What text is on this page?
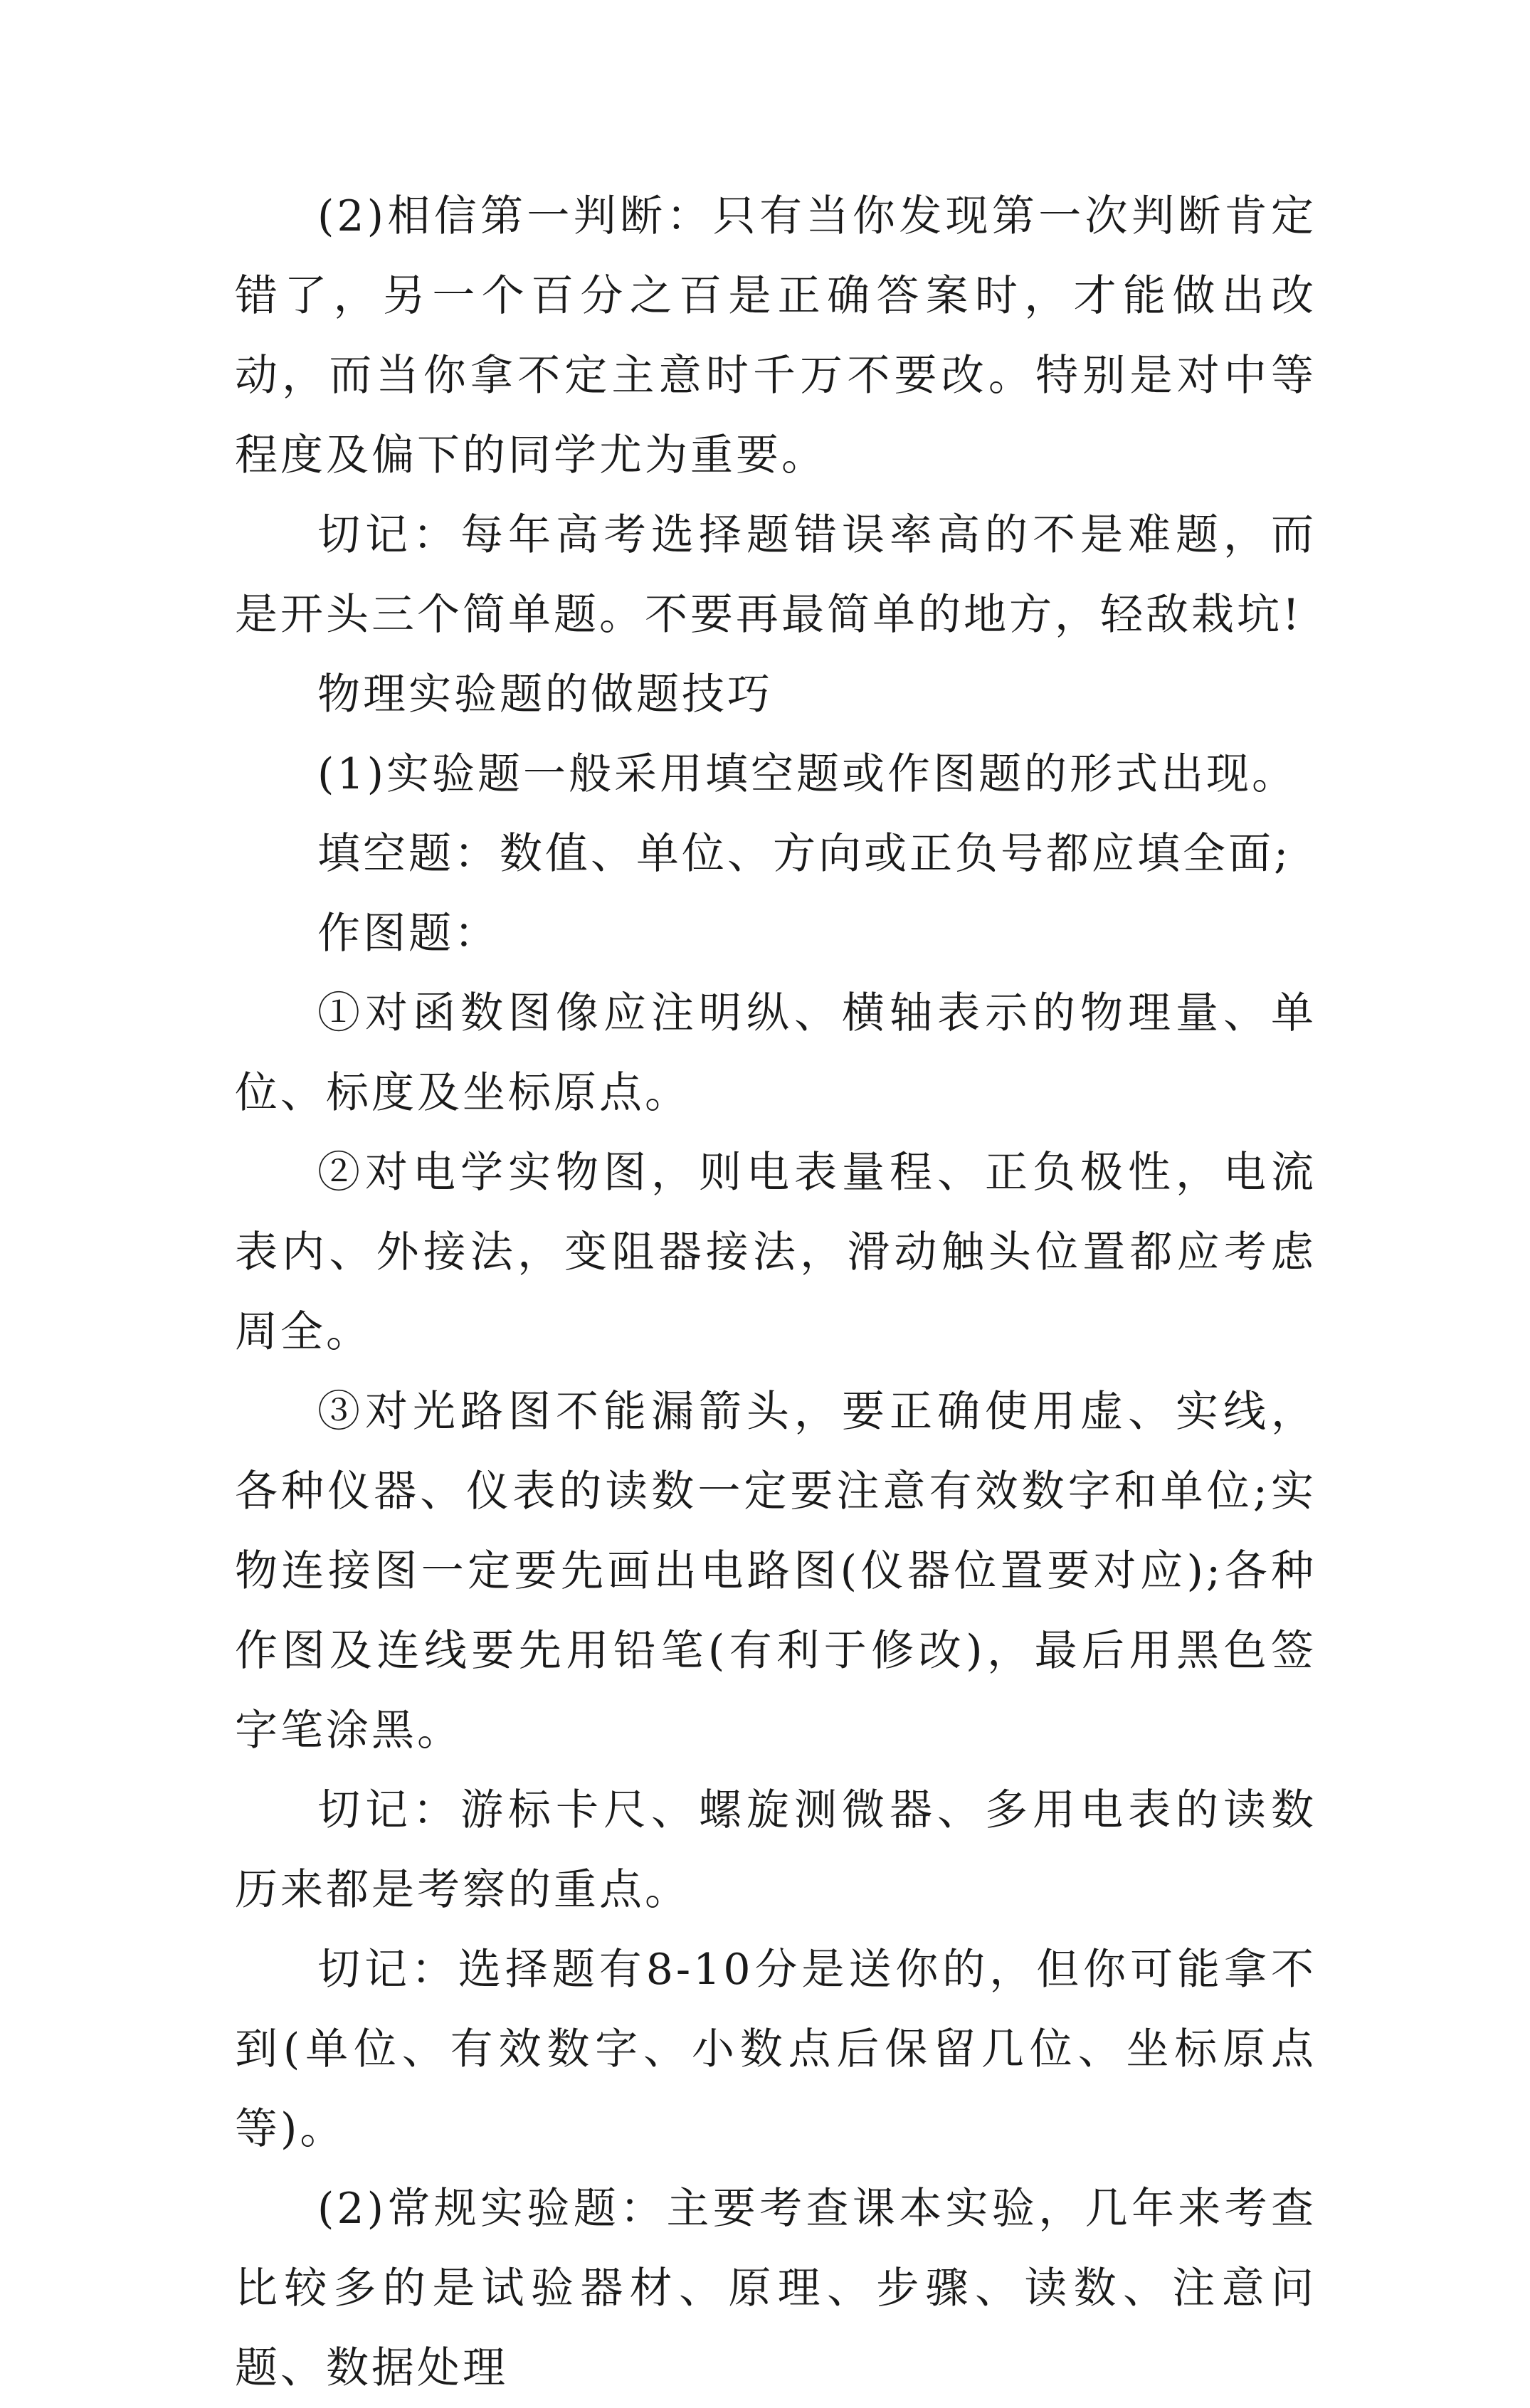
(2)相信第一判断：只有当你发现第一次判断肯定错了，另一个百分之百是正确答案时，才能做出改动，而当你拿不定主意时千万不要改。特别是对中等程度及偏下的同学尤为重要。

切记：每年高考选择题错误率高的不是难题，而是开头三个简单题。不要再最简单的地方，轻敌栽坑!

物理实验题的做题技巧

(1)实验题一般采用填空题或作图题的形式出现。

填空题：数值、单位、方向或正负号都应填全面;

作图题：

①对函数图像应注明纵、横轴表示的物理量、单位、标度及坐标原点。

②对电学实物图，则电表量程、正负极性，电流表内、外接法，变阻器接法，滑动触头位置都应考虑周全。

③对光路图不能漏箭头，要正确使用虚、实线，各种仪器、仪表的读数一定要注意有效数字和单位;实物连接图一定要先画出电路图(仪器位置要对应);各种作图及连线要先用铅笔(有利于修改)，最后用黑色签字笔涂黑。

切记：游标卡尺、螺旋测微器、多用电表的读数历来都是考察的重点。

切记：选择题有8-10分是送你的，但你可能拿不到(单位、有效数字、小数点后保留几位、坐标原点等)。

(2)常规实验题：主要考查课本实验，几年来考查比较多的是试验器材、原理、步骤、读数、注意问题、数据处理
